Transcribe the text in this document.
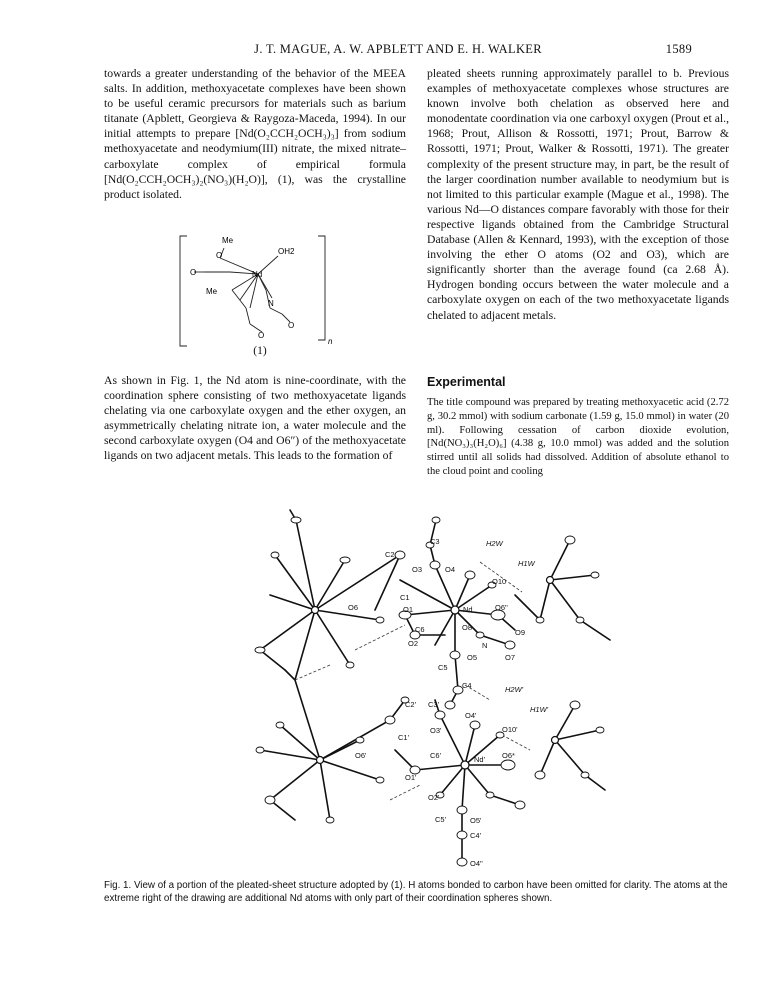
J. T. MAGUE, A. W. APBLETT AND E. H. WALKER	1589

towards a greater understanding of the behavior of the MEEA salts. In addition, methoxyacetate complexes have been shown to be useful ceramic precursors for materials such as barium titanate (Apblett, Georgieva & Raygoza-Maceda, 1994). In our initial attempts to prepare [Nd(O₂CCH₂OCH₃)₃] from sodium methoxyacetate and neodymium(III) nitrate, the mixed nitrate–carboxylate complex of empirical formula [Nd(O₂CCH₂OCH₃)₂(NO₃)(H₂O)], (1), was the crystalline product isolated.

pleated sheets running approximately parallel to b. Previous examples of methoxyacetate complexes whose structures are known involve both chelation as observed here and monodentate coordination via one carboxyl oxygen (Prout et al., 1968; Prout, Allison & Rossotti, 1971; Prout, Barrow & Rossotti, 1971; Prout, Walker & Rossotti, 1971). The greater complexity of the present structure may, in part, be the result of the larger coordination number available to neodymium but is not limited to this particular example (Mague et al., 1998). The various Nd—O distances compare favorably with those for their respective ligands obtained from the Cambridge Structural Database (Allen & Kennard, 1993), with the exception of those involving the ether O atoms (O2 and O3), which are significantly shorter than the average found (ca 2.68 Å). Hydrogen bonding occurs between the water molecule and a carboxylate oxygen on each of the two methoxyacetate ligands chelated to adjacent metals.

Me
O	OH2
Nd
O
Me
N
O
O
n
(1)

As shown in Fig. 1, the Nd atom is nine-coordinate, with the coordination sphere consisting of two methoxyacetate ligands chelating via one carboxylate oxygen and the ether oxygen, an asymmetrically chelating nitrate ion, a water molecule and the second carboxylate oxygen (O4 and O6″) of the methoxyacetate ligands on two adjacent metals. This leads to the formation of

Experimental

The title compound was prepared by treating methoxyacetic acid (2.72 g, 30.2 mmol) with sodium carbonate (1.59 g, 15.0 mmol) in water (20 ml). Following cessation of carbon dioxide evolution, [Nd(NO₃)₃(H₂O)₆] (4.38 g, 10.0 mmol) was added and the solution stirred until all solids had dissolved. Addition of absolute ethanol to the cloud point and cooling

C3	H2W
C2
O3	O4
H1W
O10
C1
O6	O1	Nd	O6''
C6	O8
O9
O2	N
O7
O5
C5
C4	H2W'
C2' C3'
O4'
H1W'
O10'
C1'
O3'
O6'	C6'	Nd' O6*
O1'
O2'
C5'	O5'
C4'
O4''
Fig. 1. View of a portion of the pleated-sheet structure adopted by (1). H atoms bonded to carbon have been omitted for clarity. The atoms at the extreme right of the drawing are additional Nd atoms with only part of their coordination spheres shown.
